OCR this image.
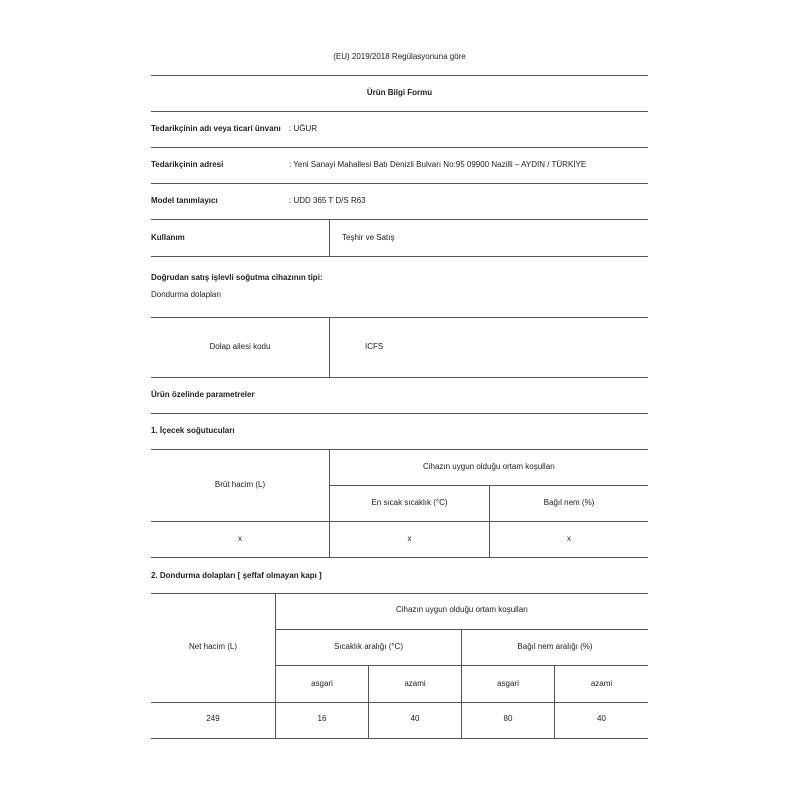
(EU) 2019/2018 Regülasyonuna göre
Ürün Bilgi Formu
Tedarikçinin adı veya ticari ünvanı : UĞUR
Tedarikçinin adresi	: Yeni Sanayi Mahallesi Batı Denizli Bulvarı No:95 09900 Nazilli – AYDIN / TÜRKİYE
Model tanımlayıcı	: UDD 365 T D/S R63
Kullanım	Teşhir ve Satış
Doğrudan satış işlevli soğutma cihazının tipi:
Dondurma dolapları
Dolap ailesi kodu	ICFS
Ürün özelinde parametreler
1. İçecek soğutucuları
Brüt hacim (L)
Cihazın uygun olduğu ortam koşulları
En sıcak sıcaklık (°C)	Bağıl nem (%)
x	x	x
2. Dondurma dolapları [ şeffaf olmayan kapı ]
Net hacim (L)
Cihazın uygun olduğu ortam koşulları
Sıcaklık aralığı (°C)	Bağıl nem aralığı (%)
asgari	azami	asgari	azami
249	16	40	80	40
